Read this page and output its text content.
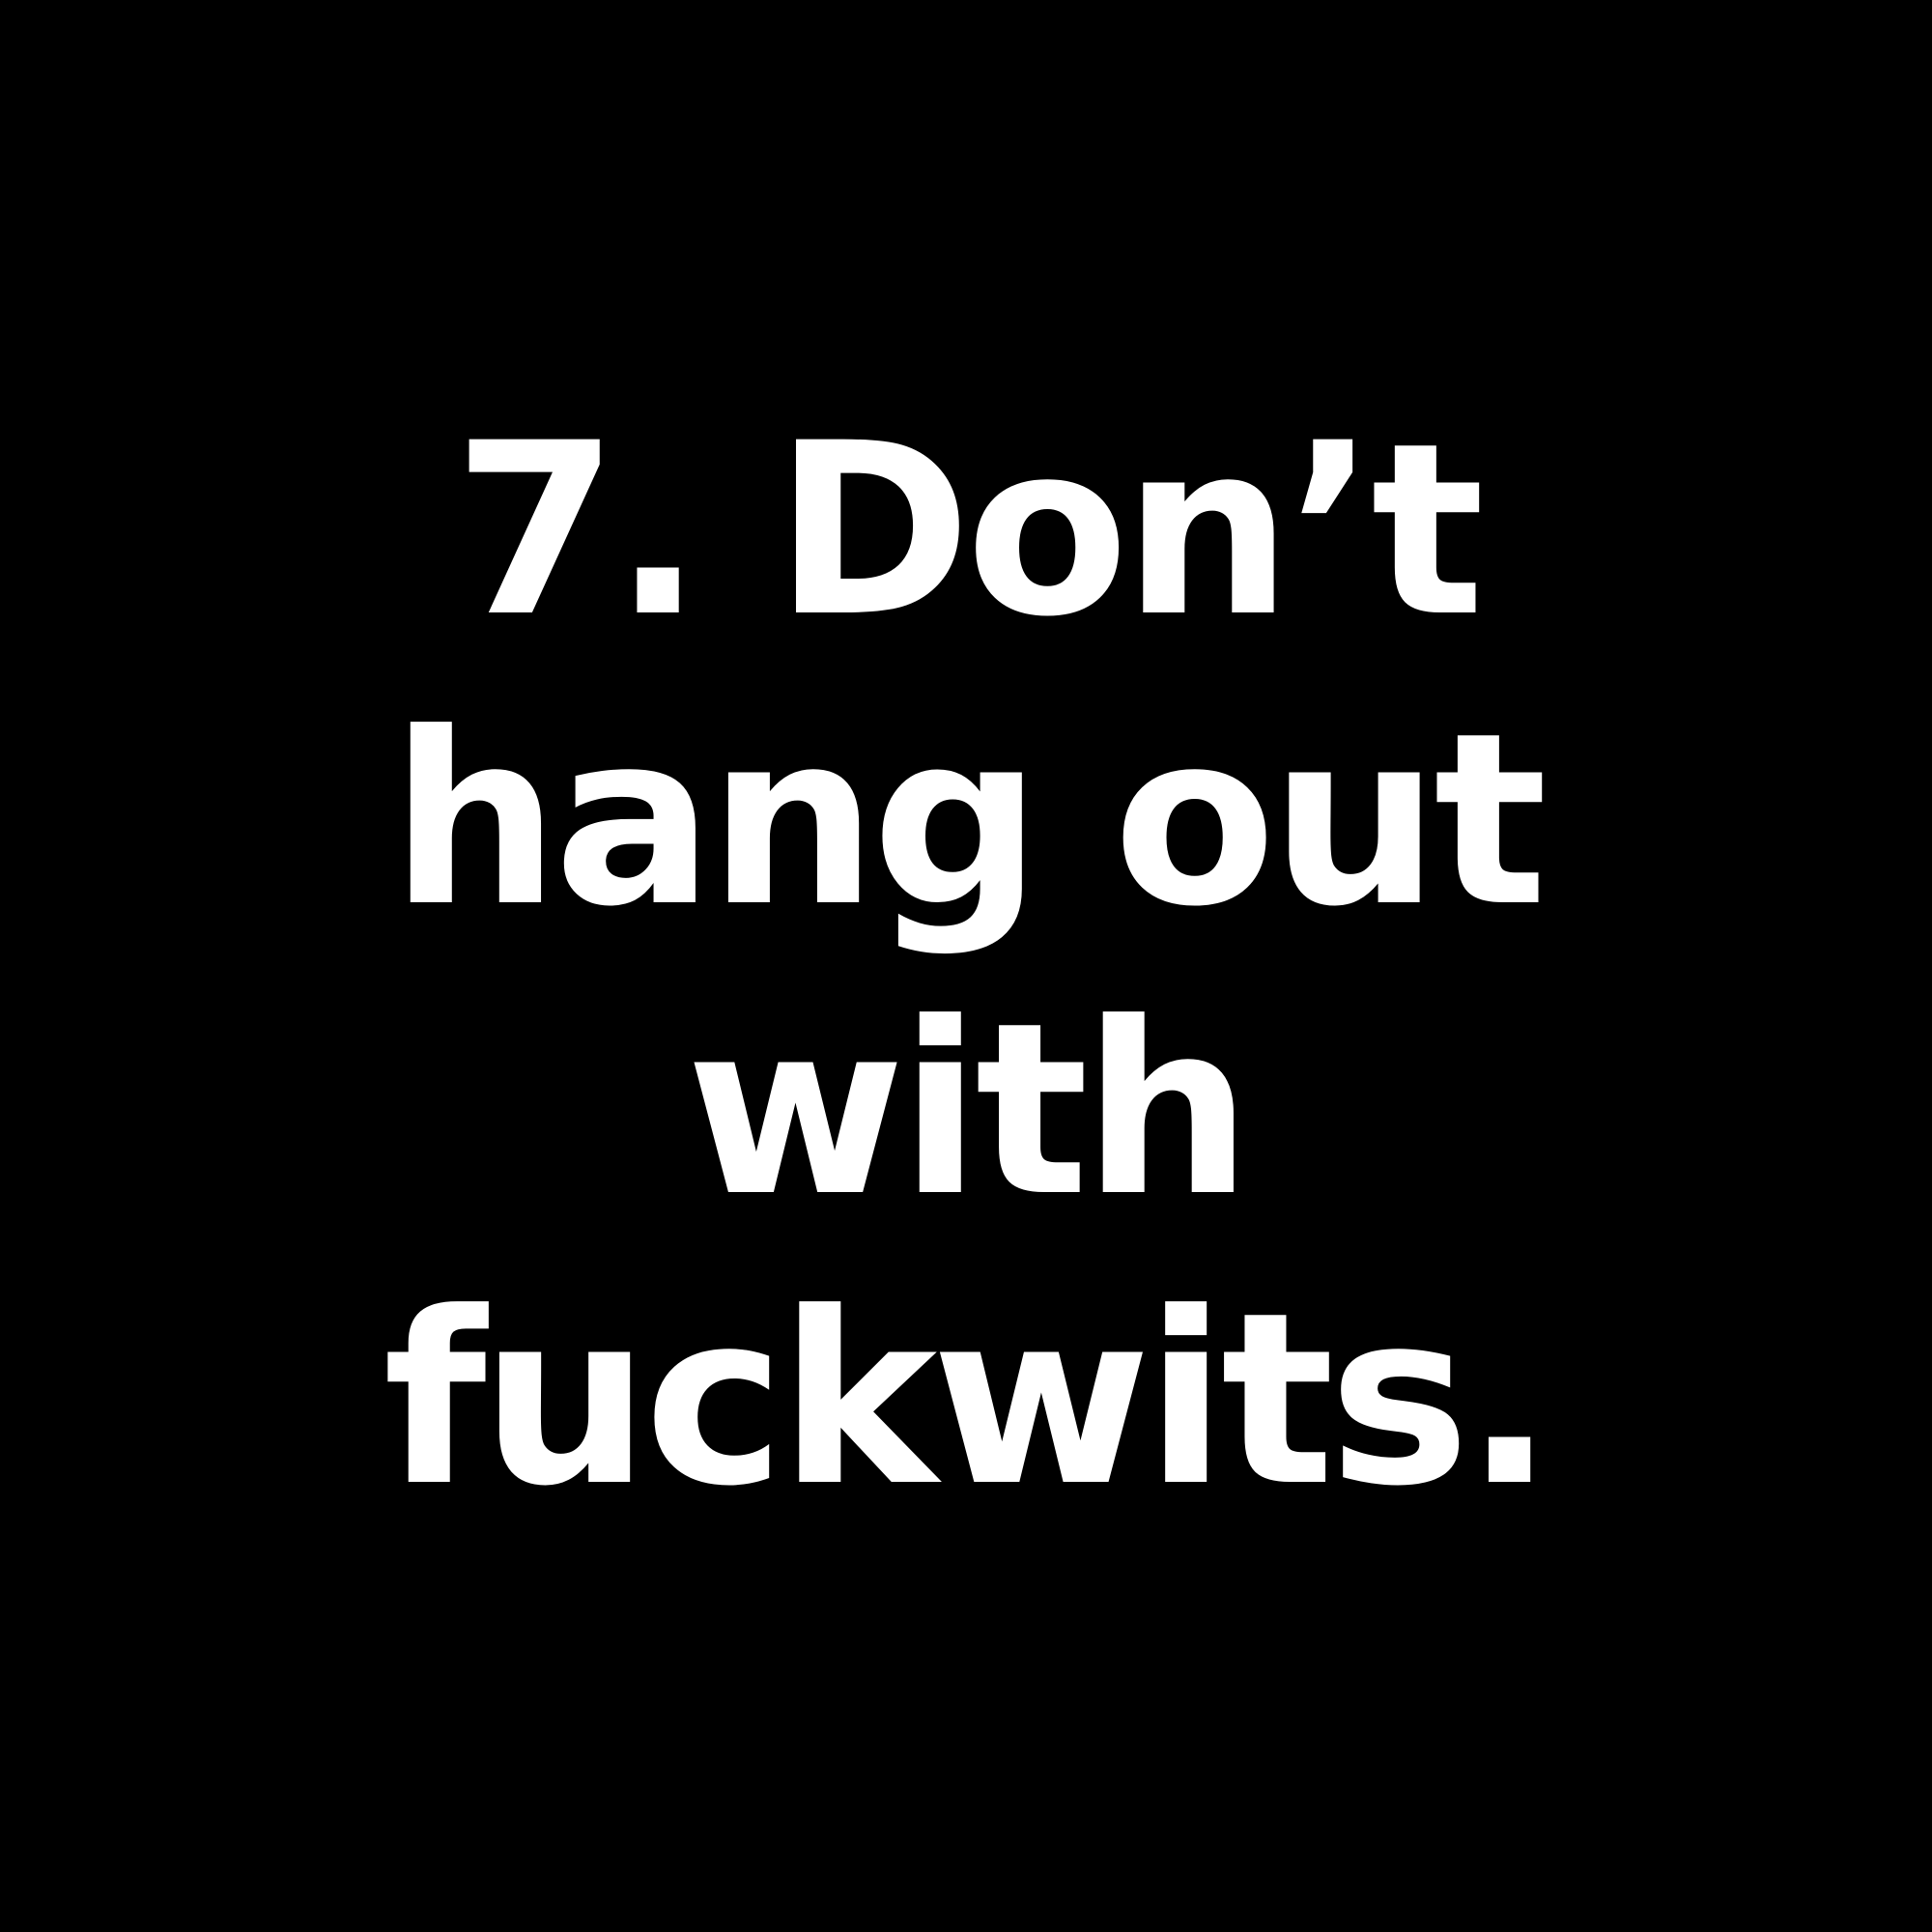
7. Don’t
hang out
with
fuckwits.
